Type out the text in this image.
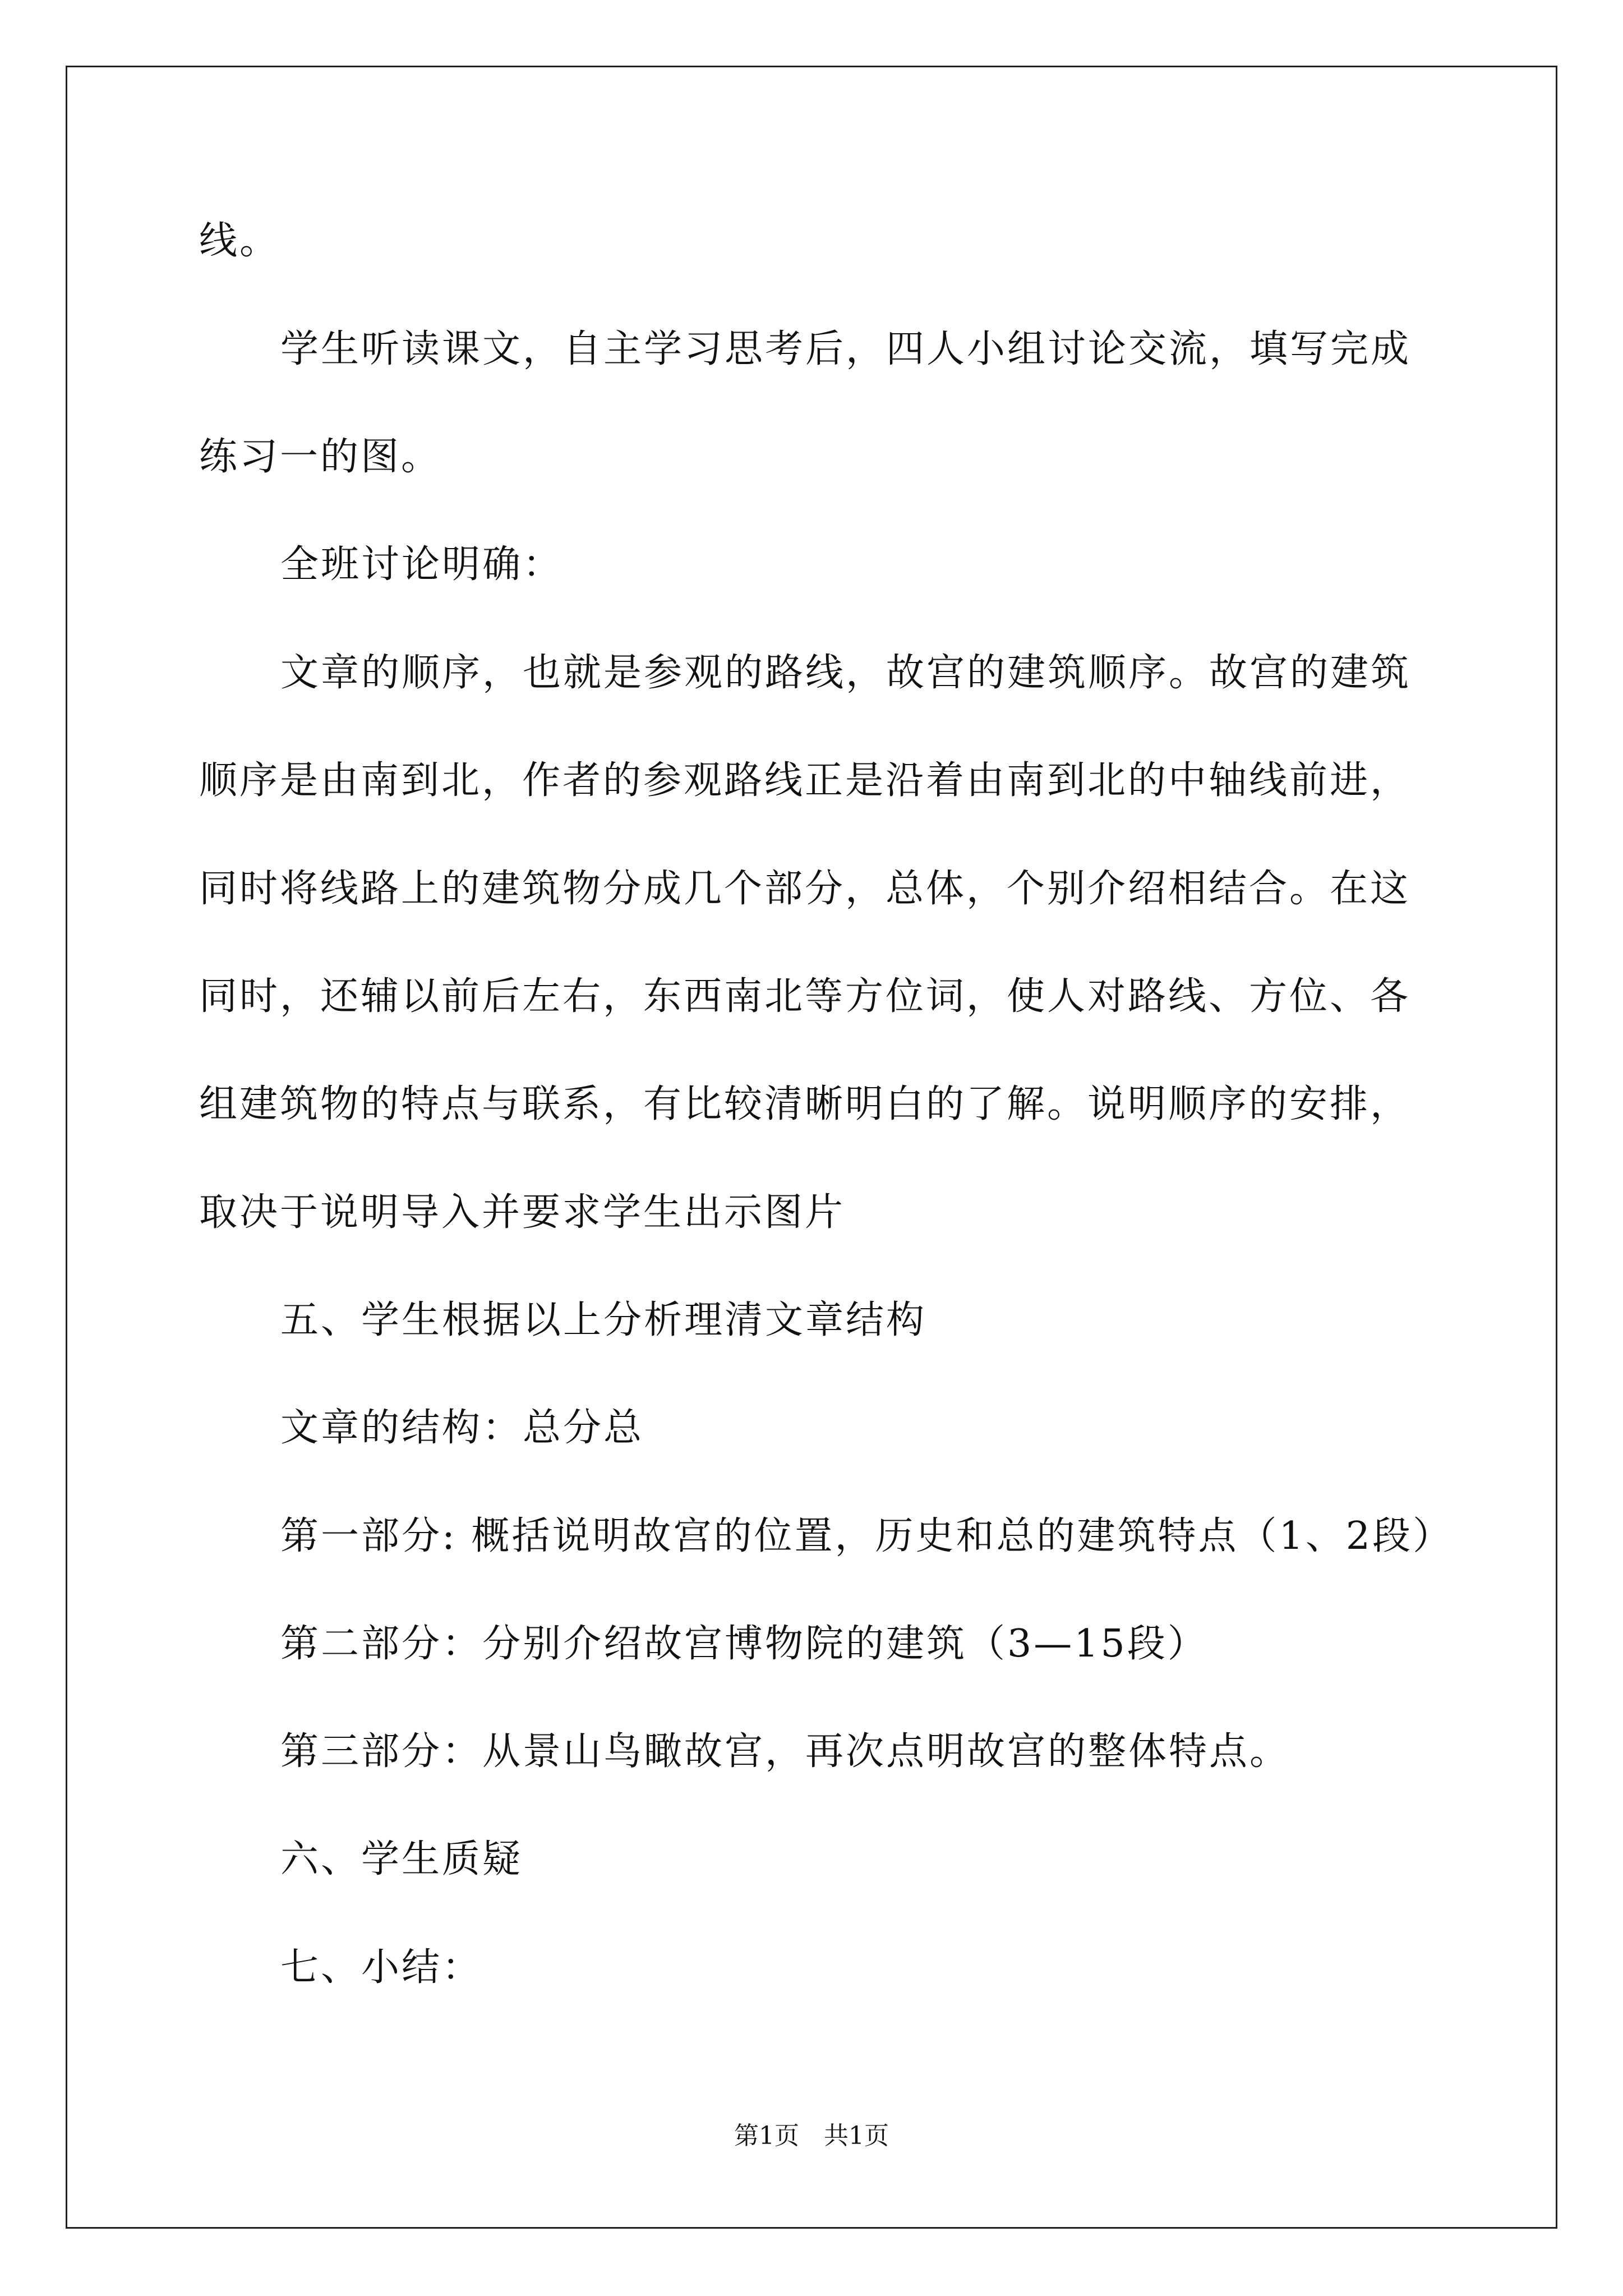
线。

学生听读课文，自主学习思考后，四人小组讨论交流，填写完成

练习一的图。

全班讨论明确：

文章的顺序，也就是参观的路线，故宫的建筑顺序。故宫的建筑

顺序是由南到北，作者的参观路线正是沿着由南到北的中轴线前进，

同时将线路上的建筑物分成几个部分，总体，个别介绍相结合。在这

同时，还辅以前后左右，东西南北等方位词，使人对路线、方位、各

组建筑物的特点与联系，有比较清晰明白的了解。说明顺序的安排，

取决于说明导入并要求学生出示图片

五、学生根据以上分析理清文章结构

文章的结构：总分总

第一部分: 概括说明故宫的位置，历史和总的建筑特点（1、2段）

第二部分：分别介绍故宫博物院的建筑（3—15段）

第三部分：从景山鸟瞰故宫，再次点明故宫的整体特点。

六、学生质疑

七、小结：

第1页　共1页
